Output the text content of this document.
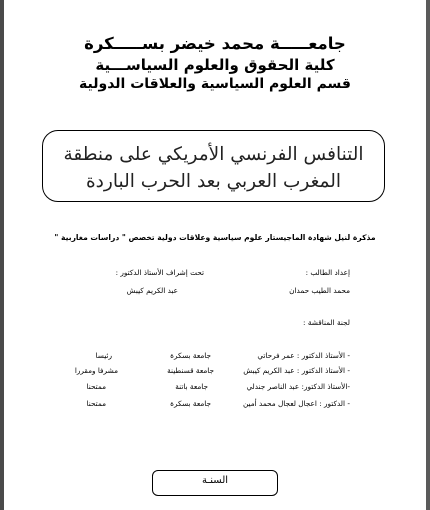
جامعـــــة محمد خيضر بســـــكرة
كلية الحقوق والعلوم السياســـية
قسم العلوم السياسية والعلاقات الدولية
التنافس الفرنسي الأمريكي على منطقة
المغرب العربي بعد الحرب الباردة
مذكرة لنيل شهادة الماجيستار علوم سياسية وعلاقات دولية تخصص " دراسات مغاربية "
إعداد الطالب :
محمد الطيب حمدان
تحت إشراف الأستاذ الدكتور :
عبد الكريم كيبش
لجنة المناقشة :
- الأستاذ الدكتور : عمر فرحاتي
جامعة بسكرة
رئيسا
- الأستاذ الدكتور : عبد الكريم كيبش
جامعة قسنطينة
مشرفا ومقررا
-الأستاذ الدكتور: عبد الناصر جندلي
جامعة باتنة
ممتحنا
- الدكتور : اعجال لعجال محمد أمين
جامعة بسكرة
ممتحنا
السنـة
